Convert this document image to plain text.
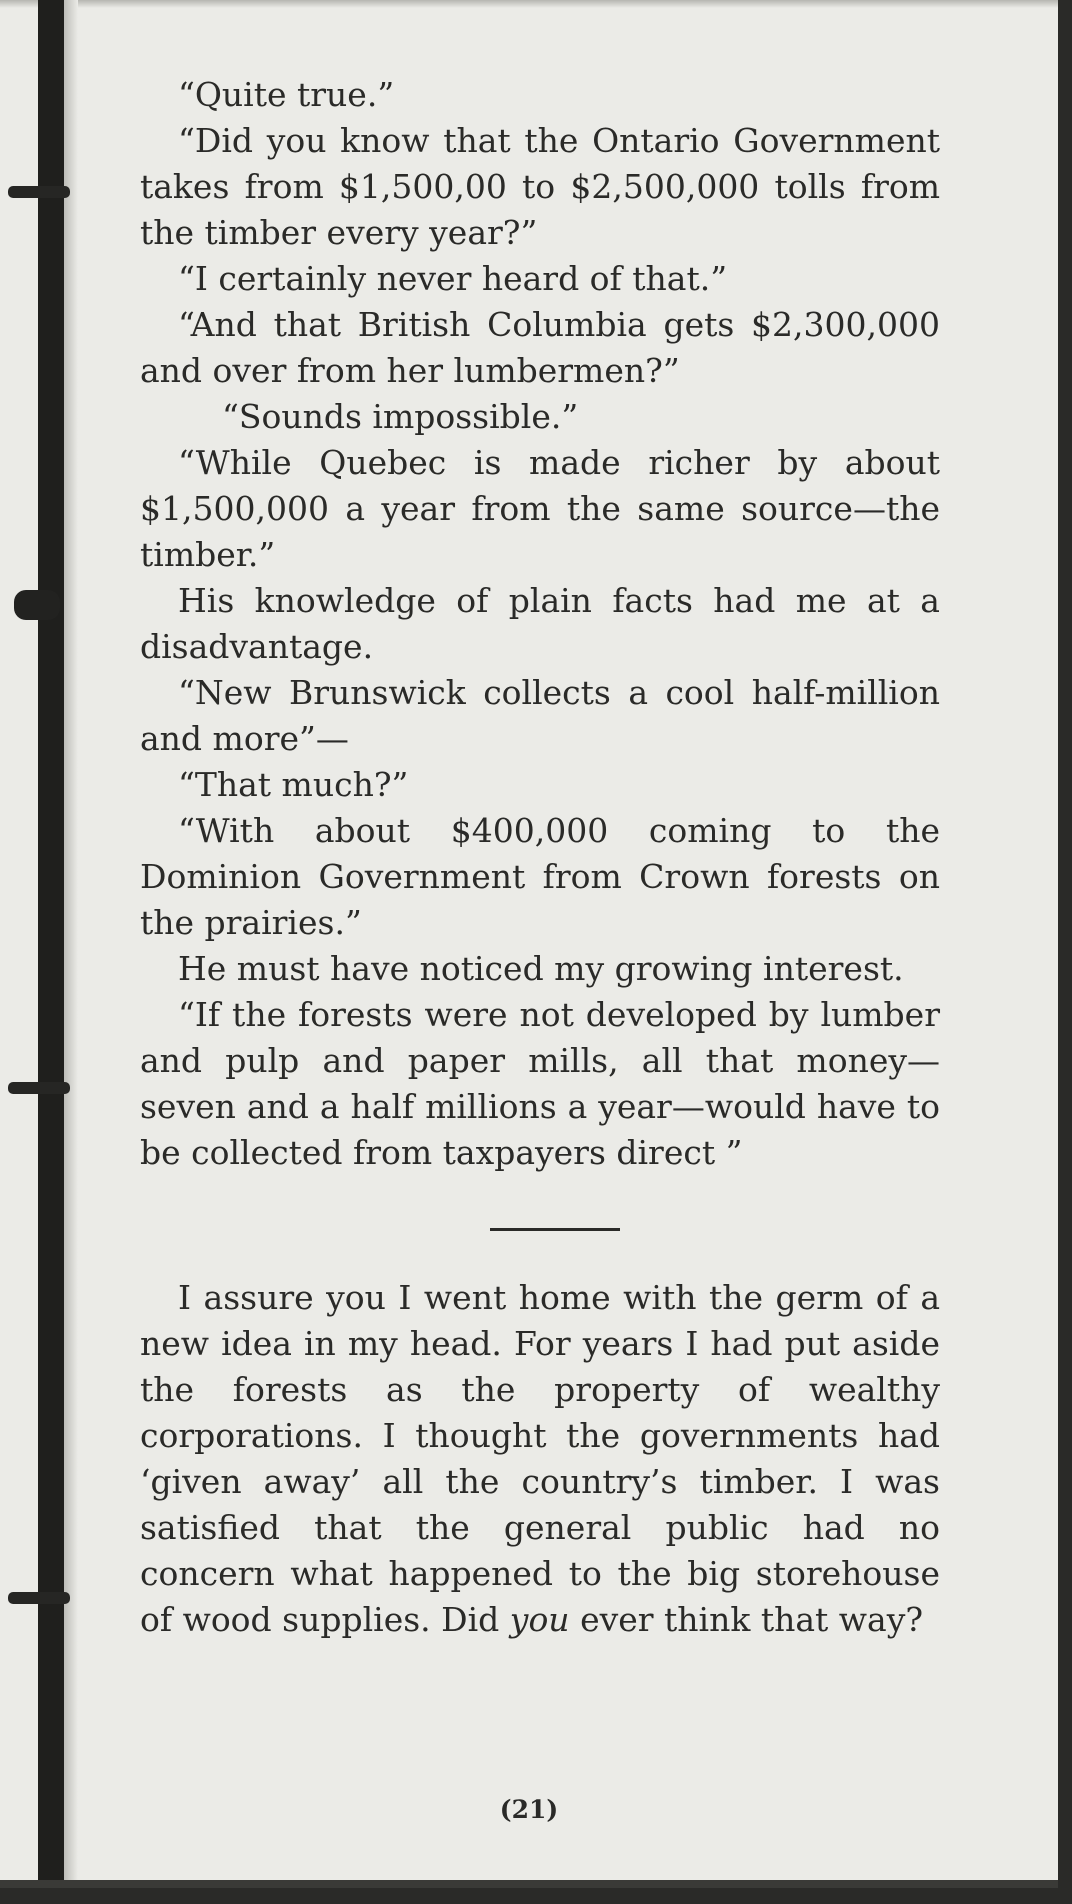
“Quite true.”

“Did you know that the Ontario Government takes from $1,500,00 to $2,500,000 tolls from the timber every year?”

“I certainly never heard of that.”

“And that British Columbia gets $2,300,000 and over from her lumbermen?”

“Sounds impossible.”

“While Quebec is made richer by about $1,500,000 a year from the same source—the timber.”

His knowledge of plain facts had me at a disadvantage.

“New Brunswick collects a cool half-million and more”—

“That much?”

“With about $400,000 coming to the Dominion Government from Crown forests on the prairies.”

He must have noticed my growing interest.

“If the forests were not developed by lumber and pulp and paper mills, all that money—seven and a half millions a year—would have to be collected from taxpayers direct ”

I assure you I went home with the germ of a new idea in my head. For years I had put aside the forests as the property of wealthy corporations. I thought the governments had ‘given away’ all the country’s timber. I was satisfied that the general public had no concern what happened to the big storehouse of wood supplies. Did you ever think that way?

(21)
